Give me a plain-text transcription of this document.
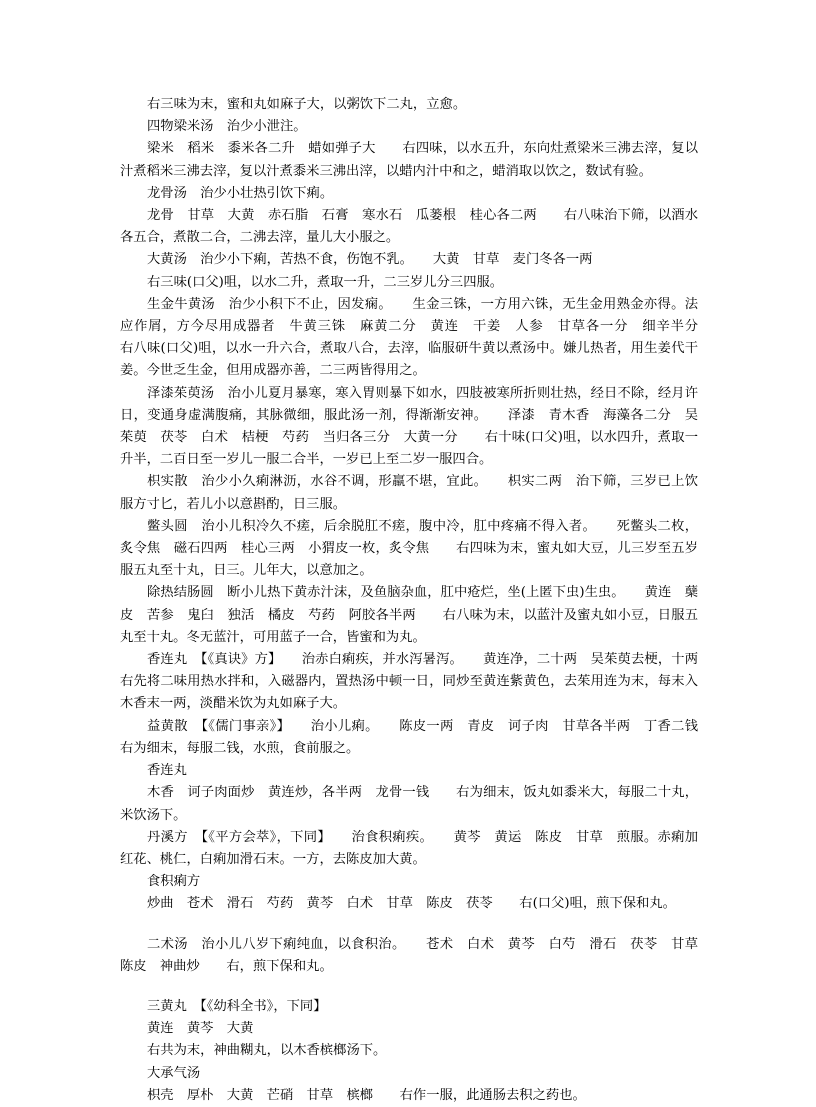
右三味为末，蜜和丸如麻子大，以粥饮下二丸，立愈。

四物梁米汤　治少小泄注。

梁米　稻米　黍米各二升　蜡如弹子大　　右四味，以水五升，东向灶煮梁米三沸去滓，复以汁煮稻米三沸去滓，复以汁煮黍米三沸出滓，以蜡内汁中和之，蜡消取以饮之，数试有验。

龙骨汤　治少小壮热引饮下痢。

龙骨　甘草　大黄　赤石脂　石膏　寒水石　瓜蒌根　桂心各二两　　右八味治下筛，以酒水各五合，煮散二合，二沸去滓，量儿大小服之。

大黄汤　治少小下痢，苦热不食，伤饱不乳。　　大黄　甘草　麦门冬各一两

右三味(口父)咀，以水二升，煮取一升，二三岁儿分三四服。

生金牛黄汤　治少小积下不止，因发痫。　　生金三铢，一方用六铢，无生金用熟金亦得。法应作屑，方今尽用成器者　牛黄三铢　麻黄二分　黄连　干姜　人参　甘草各一分　细辛半分　　右八味(口父)咀，以水一升六合，煮取八合，去滓，临服研牛黄以煮汤中。嫌儿热者，用生姜代干姜。今世乏生金，但用成器亦善，二三两皆得用之。

泽漆茱萸汤　治小儿夏月暴寒，寒入胃则暴下如水，四肢被寒所折则壮热，经日不除，经月许日，变通身虚满腹痛，其脉微细，服此汤一剂，得渐渐安神。　　泽漆　青木香　海藻各二分　吴茱萸　茯苓　白术　桔梗　芍药　当归各三分　大黄一分　　右十味(口父)咀，以水四升，煮取一升半，二百日至一岁儿一服二合半，一岁已上至二岁一服四合。

枳实散　治少小久痢淋沥，水谷不调，形羸不堪，宜此。　　枳实二两　治下筛，三岁已上饮服方寸匕，若儿小以意斟酌，日三服。

鳖头圆　治小儿积冷久不瘥，后余脱肛不瘥，腹中冷，肛中疼痛不得入者。　　死鳖头二枚，炙令焦　磁石四两　桂心三两　小猬皮一枚，炙令焦　　右四味为末，蜜丸如大豆，儿三岁至五岁服五丸至十丸，日三。儿年大，以意加之。

除热结肠圆　断小儿热下黄赤汁沫，及鱼脑杂血，肛中疮烂，坐(上匿下虫)生虫。　　黄连　蘖皮　苦参　鬼臼　独活　橘皮　芍药　阿胶各半两　　右八味为末，以蓝汁及蜜丸如小豆，日服五丸至十丸。冬无蓝汁，可用蓝子一合，皆蜜和为丸。

香连丸　【《真诀》方】　　治赤白痢疾，并水泻暑泻。　　黄连净，二十两　吴茱萸去梗，十两　　右先将二味用热水拌和，入磁器内，置热汤中顿一日，同炒至黄连紫黄色，去茱用连为末，每末入木香末一两，淡醋米饮为丸如麻子大。

益黄散　【《儒门事亲》】　　治小儿痢。　　陈皮一两　青皮　诃子肉　甘草各半两　丁香二钱　　右为细末，每服二钱，水煎，食前服之。

香连丸

木香　诃子肉面炒　黄连炒，各半两　龙骨一钱　　右为细末，饭丸如黍米大，每服二十丸，米饮汤下。

丹溪方　【《平方会萃》，下同】　　治食积痢疾。　　黄芩　黄运　陈皮　甘草　煎服。赤痢加红花、桃仁，白痢加滑石末。一方，去陈皮加大黄。

食积痢方

炒曲　苍术　滑石　芍药　黄芩　白术　甘草　陈皮　茯苓　　右(口父)咀，煎下保和丸。

二术汤　治小儿八岁下痢纯血，以食积治。　　苍术　白术　黄芩　白芍　滑石　茯苓　甘草　陈皮　神曲炒　　右，煎下保和丸。

三黄丸　【《幼科全书》，下同】

黄连　黄芩　大黄

右共为末，神曲糊丸，以木香槟榔汤下。

大承气汤

枳壳　厚朴　大黄　芒硝　甘草　槟榔　　右作一服，此通肠去积之药也。
